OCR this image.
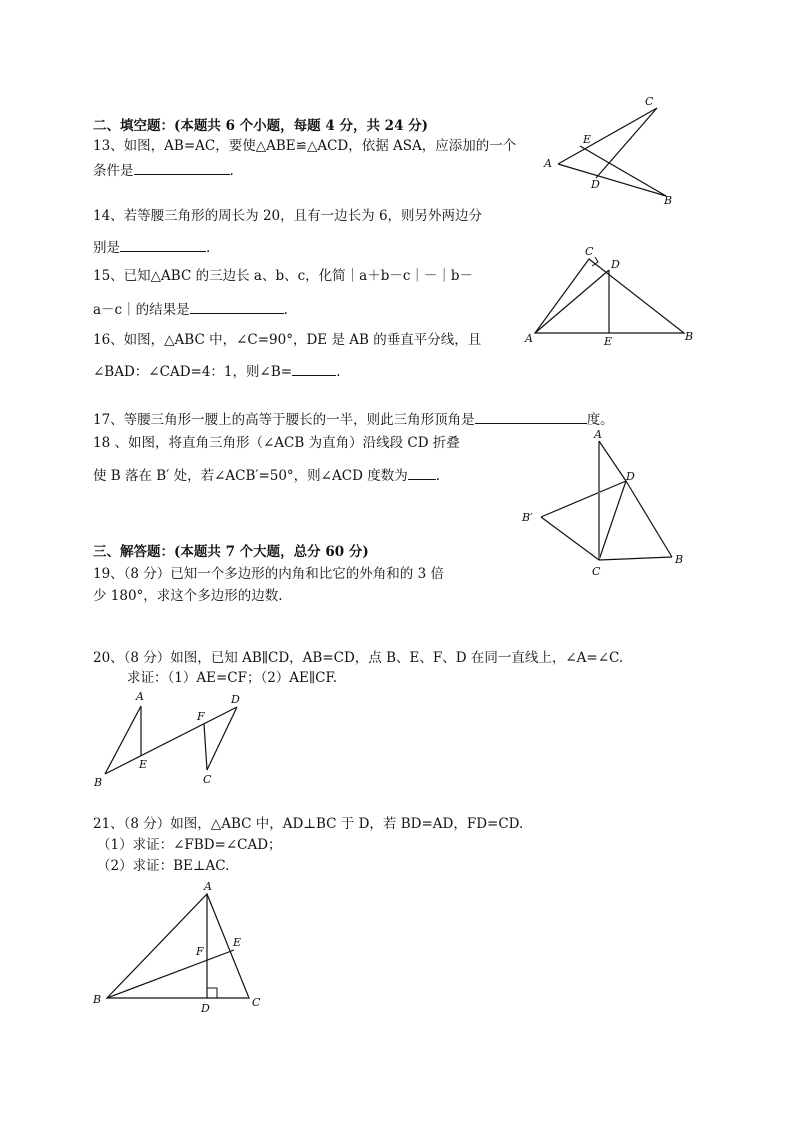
二、填空题：(本题共 6 个小题，每题 4 分，共 24 分)
13、如图，AB=AC，要使△ABE≌△ACD，依据 ASA，应添加的一个
条件是	.	A
B
C
D
E
14、若等腰三角形的周长为 20，且有一边长为 6，则另外两边分
别是	.
15、已知△ABC 的三边长 a、b、c，化简｜a＋b－c｜－｜b－
a－c｜的结果是	.
A	B
C
D
E
16、如图，△ABC 中，∠C=90°，DE 是 AB 的垂直平分线，且
∠BAD：∠CAD=4：1，则∠B=	.
17、等腰三角形一腰上的高等于腰长的一半，则此三角形顶角是	度。
18 、如图，将直角三角形（∠ACB 为直角）沿线段 CD 折叠
使 B 落在 B′ 处，若∠ACB′=50°，则∠ACD 度数为 .
A
B
B′
C
D
三、解答题：(本题共 7 个大题，总分 60 分)
19、（8 分）已知一个多边形的内角和比它的外角和的 3 倍
少 180°，求这个多边形的边数.
20、（8 分）如图，已知 AB∥CD，AB=CD，点 B、E、F、D 在同一直线上，∠A=∠C.
求证：（1）AE=CF；（2）AE∥CF.
A
B	C
D
E
F
21、（8 分）如图，△ABC 中，AD⊥BC 于 D，若 BD=AD，FD=CD.
（1）求证：∠FBD=∠CAD；
（2）求证：BE⊥AC.
A
B	C
D
E
F
